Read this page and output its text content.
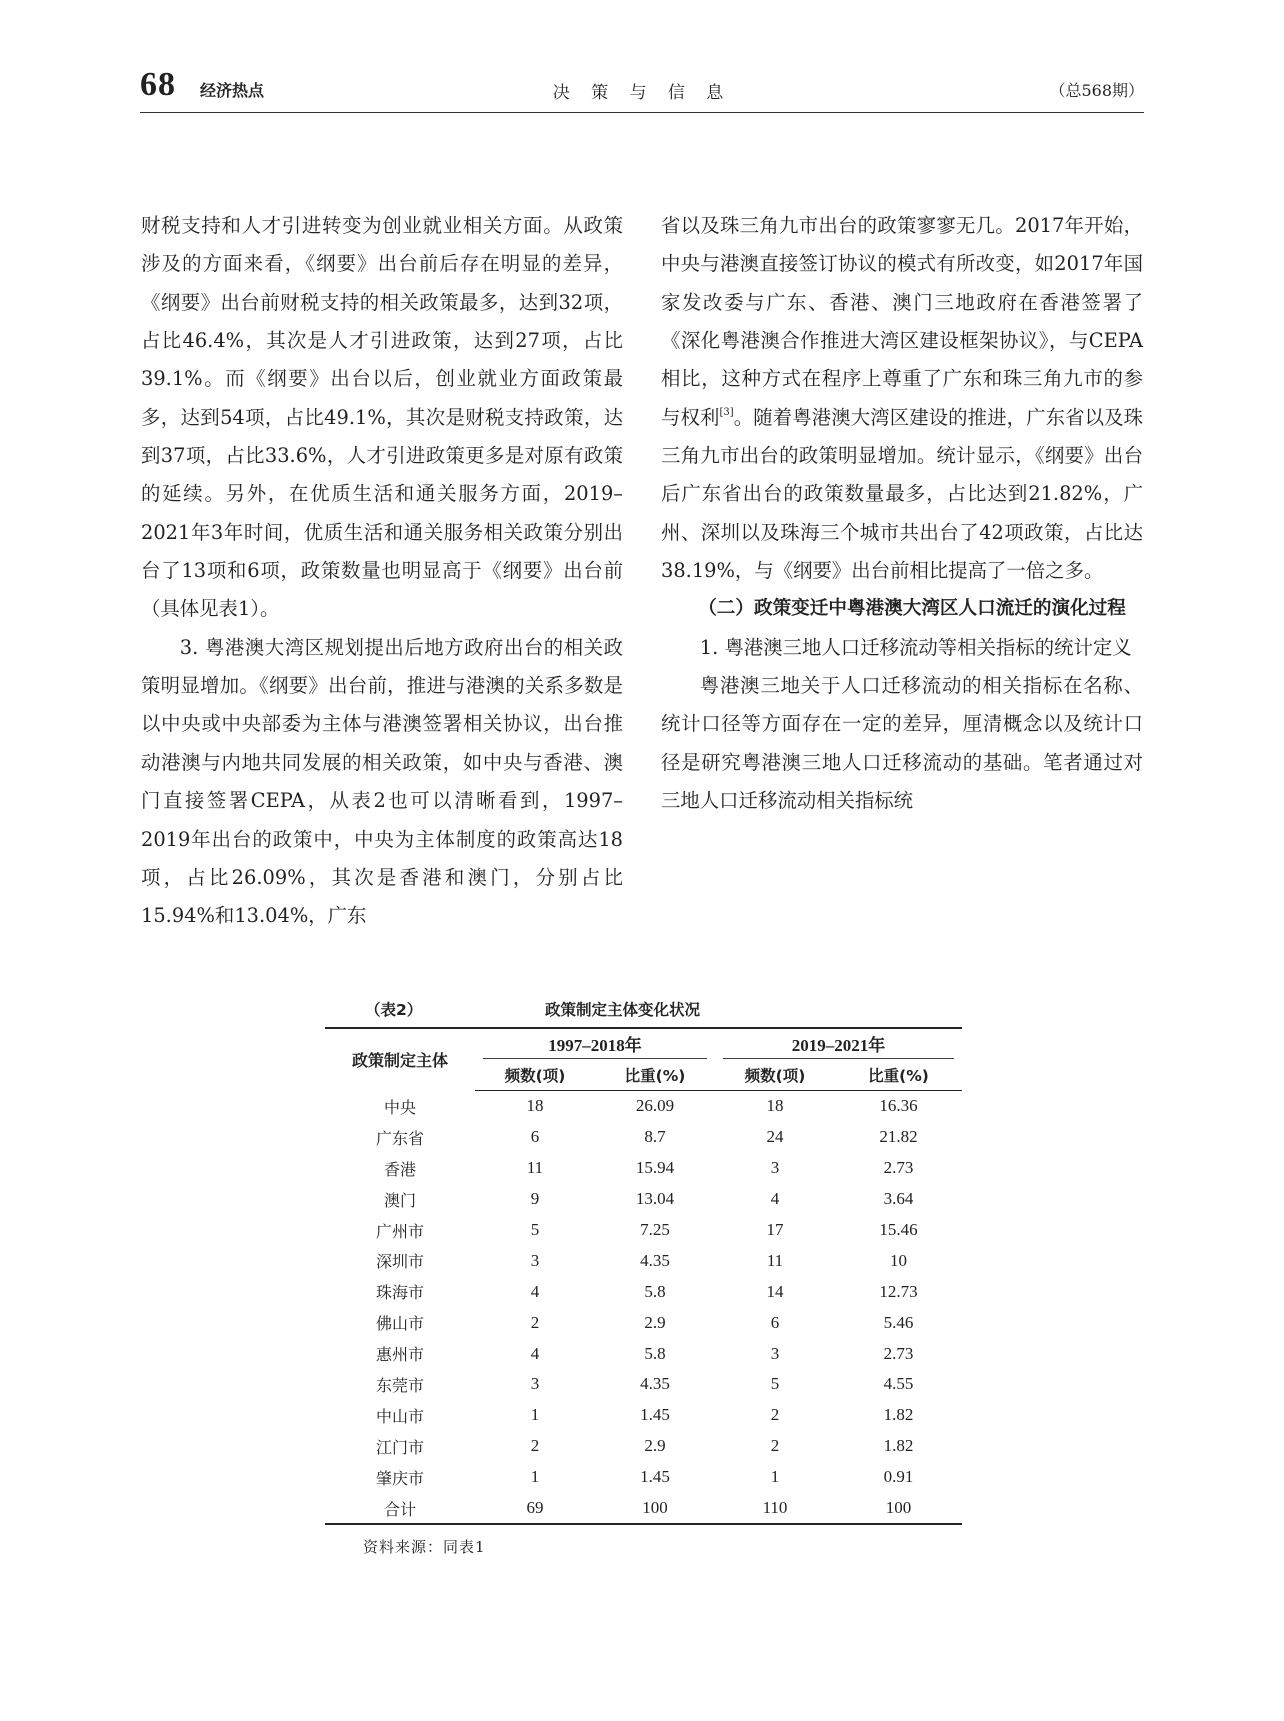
68 经济热点	决 策 与 信 息	（总568期）

财税支持和人才引进转变为创业就业相关方面。从政策涉及的方面来看，《纲要》出台前后存在明显的差异，《纲要》出台前财税支持的相关政策最多，达到32项，占比46.4%，其次是人才引进政策，达到27项，占比39.1%。而《纲要》出台以后，创业就业方面政策最多，达到54项，占比49.1%，其次是财税支持政策，达到37项，占比33.6%，人才引进政策更多是对原有政策的延续。另外，在优质生活和通关服务方面，2019–2021年3年时间，优质生活和通关服务相关政策分别出台了13项和6项，政策数量也明显高于《纲要》出台前（具体见表1）。

3. 粤港澳大湾区规划提出后地方政府出台的相关政策明显增加。《纲要》出台前，推进与港澳的关系多数是以中央或中央部委为主体与港澳签署相关协议，出台推动港澳与内地共同发展的相关政策，如中央与香港、澳门直接签署CEPA，从表2也可以清晰看到，1997–2019年出台的政策中，中央为主体制度的政策高达18项，占比26.09%，其次是香港和澳门，分别占比15.94%和13.04%，广东

省以及珠三角九市出台的政策寥寥无几。2017年开始，中央与港澳直接签订协议的模式有所改变，如2017年国家发改委与广东、香港、澳门三地政府在香港签署了《深化粤港澳合作推进大湾区建设框架协议》，与CEPA相比，这种方式在程序上尊重了广东和珠三角九市的参与权利[3]。随着粤港澳大湾区建设的推进，广东省以及珠三角九市出台的政策明显增加。统计显示，《纲要》出台后广东省出台的政策数量最多，占比达到21.82%，广州、深圳以及珠海三个城市共出台了42项政策，占比达38.19%，与《纲要》出台前相比提高了一倍之多。

（二）政策变迁中粤港澳大湾区人口流迁的演化过程

1. 粤港澳三地人口迁移流动等相关指标的统计定义

粤港澳三地关于人口迁移流动的相关指标在名称、统计口径等方面存在一定的差异，厘清概念以及统计口径是研究粤港澳三地人口迁移流动的基础。笔者通过对三地人口迁移流动相关指标统

（表2）	政策制定主体变化状况
政策制定主体	1997–2018年		2019–2021年	

	频数(项)	比重(%)	频数(项)	比重(%)
中央	18	26.09	18	16.36
广东省	6	8.7	24	21.82
香港	11	15.94	3	2.73
澳门	9	13.04	4	3.64
广州市	5	7.25	17	15.46
深圳市	3	4.35	11	10
珠海市	4	5.8	14	12.73
佛山市	2	2.9	6	5.46
惠州市	4	5.8	3	2.73
东莞市	3	4.35	5	4.55
中山市	1	1.45	2	1.82
江门市	2	2.9	2	1.82
肇庆市	1	1.45	1	0.91
合计	69	100	110	100
资料来源：同表1
